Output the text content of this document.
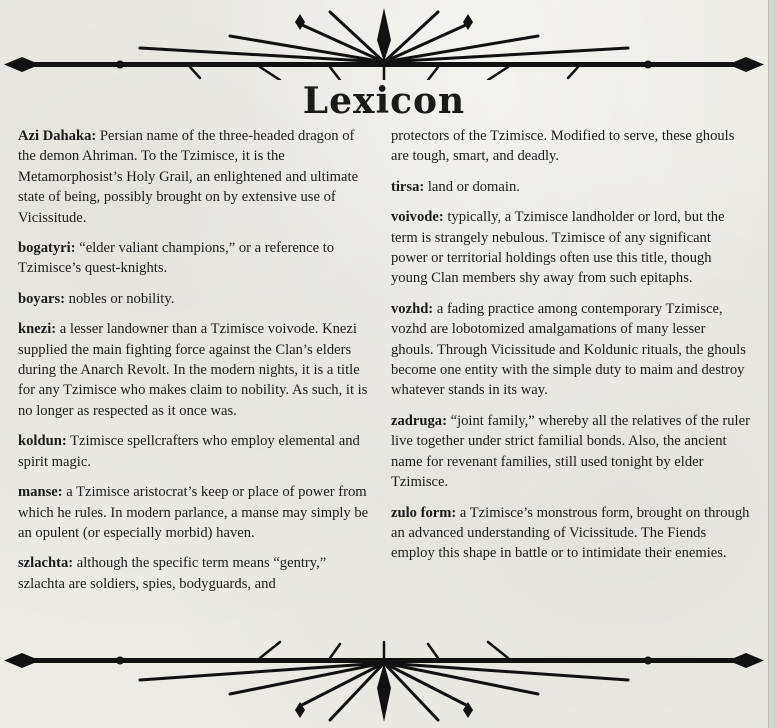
Lexicon

Azi Dahaka: Persian name of the three-headed dragon of the demon Ahriman. To the Tzimisce, it is the Metamorphosist’s Holy Grail, an enlightened and ultimate state of being, possibly brought on by extensive use of Vicissitude.

bogatyri: “elder valiant champions,” or a reference to Tzimisce’s quest-knights.

boyars: nobles or nobility.

knezi: a lesser landowner than a Tzimisce voivode. Knezi supplied the main fighting force against the Clan’s elders during the Anarch Revolt. In the modern nights, it is a title for any Tzimisce who makes claim to nobility. As such, it is no longer as respected as it once was.

koldun: Tzimisce spellcrafters who employ elemental and spirit magic.

manse: a Tzimisce aristocrat’s keep or place of power from which he rules. In modern parlance, a manse may simply be an opulent (or especially morbid) haven.

szlachta: although the specific term means “gentry,” szlachta are soldiers, spies, bodyguards, and

protectors of the Tzimisce. Modified to serve, these ghouls are tough, smart, and deadly.

tirsa: land or domain.

voivode: typically, a Tzimisce landholder or lord, but the term is strangely nebulous. Tzimisce of any significant power or territorial holdings often use this title, though young Clan members shy away from such epitaphs.

vozhd: a fading practice among contemporary Tzimisce, vozhd are lobotomized amalgamations of many lesser ghouls. Through Vicissitude and Koldunic rituals, the ghouls become one entity with the simple duty to maim and destroy whatever stands in its way.

zadruga: “joint family,” whereby all the relatives of the ruler live together under strict familial bonds. Also, the ancient name for revenant families, still used tonight by elder Tzimisce.

zulo form: a Tzimisce’s monstrous form, brought on through an advanced understanding of Vicissitude. The Fiends employ this shape in battle or to intimidate their enemies.
